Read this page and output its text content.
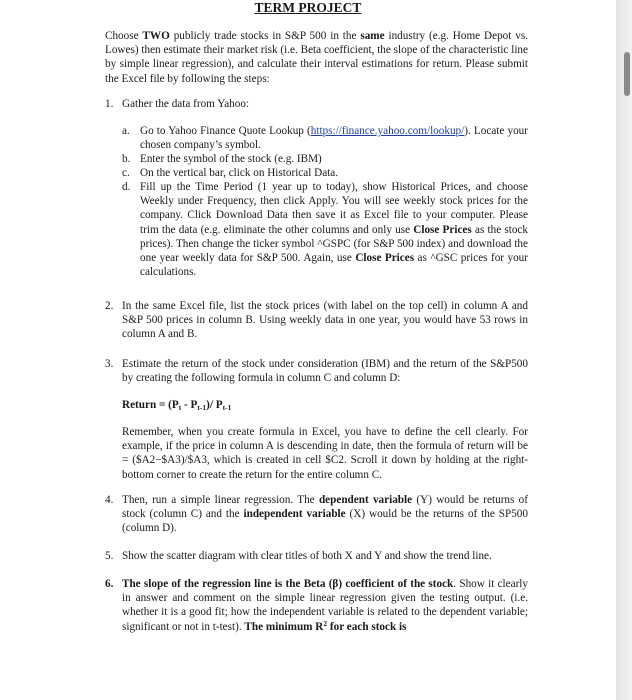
TERM PROJECT
Choose TWO publicly trade stocks in S&P 500 in the same industry (e.g. Home Depot vs. Lowes) then estimate their market risk (i.e. Beta coefficient, the slope of the characteristic line by simple linear regression), and calculate their interval estimations for return. Please submit the Excel file by following the steps:
1. Gather the data from Yahoo:
a. Go to Yahoo Finance Quote Lookup (https://finance.yahoo.com/lookup/). Locate your chosen company’s symbol.
b. Enter the symbol of the stock (e.g. IBM)
c. On the vertical bar, click on Historical Data.
d. Fill up the Time Period (1 year up to today), show Historical Prices, and choose Weekly under Frequency, then click Apply. You will see weekly stock prices for the company. Click Download Data then save it as Excel file to your computer. Please trim the data (e.g. eliminate the other columns and only use Close Prices as the stock prices). Then change the ticker symbol ^GSPC (for S&P 500 index) and download the one year weekly data for S&P 500. Again, use Close Prices as ^GSC prices for your calculations.
2. In the same Excel file, list the stock prices (with label on the top cell) in column A and S&P 500 prices in column B. Using weekly data in one year, you would have 53 rows in column A and B.
3. Estimate the return of the stock under consideration (IBM) and the return of the S&P500 by creating the following formula in column C and column D:
Return = $(P_t - P_{t-1})/$ $P_{t-1}$
Remember, when you create formula in Excel, you have to define the cell clearly. For example, if the price in column A is descending in date, then the formula of return will be = ($A2−$A3)/$A3, which is created in cell $C2. Scroll it down by holding at the right-bottom corner to create the return for the entire column C.
4. Then, run a simple linear regression. The dependent variable (Y) would be returns of stock (column C) and the independent variable (X) would be the returns of the SP500 (column D).
5. Show the scatter diagram with clear titles of both X and Y and show the trend line.
6. The slope of the regression line is the Beta (β) coefficient of the stock. Show it clearly in answer and comment on the simple linear regression given the testing output. (i.e. whether it is a good fit; how the independent variable is related to the dependent variable; significant or not in t-test). The minimum $R^2$ for each stock is
